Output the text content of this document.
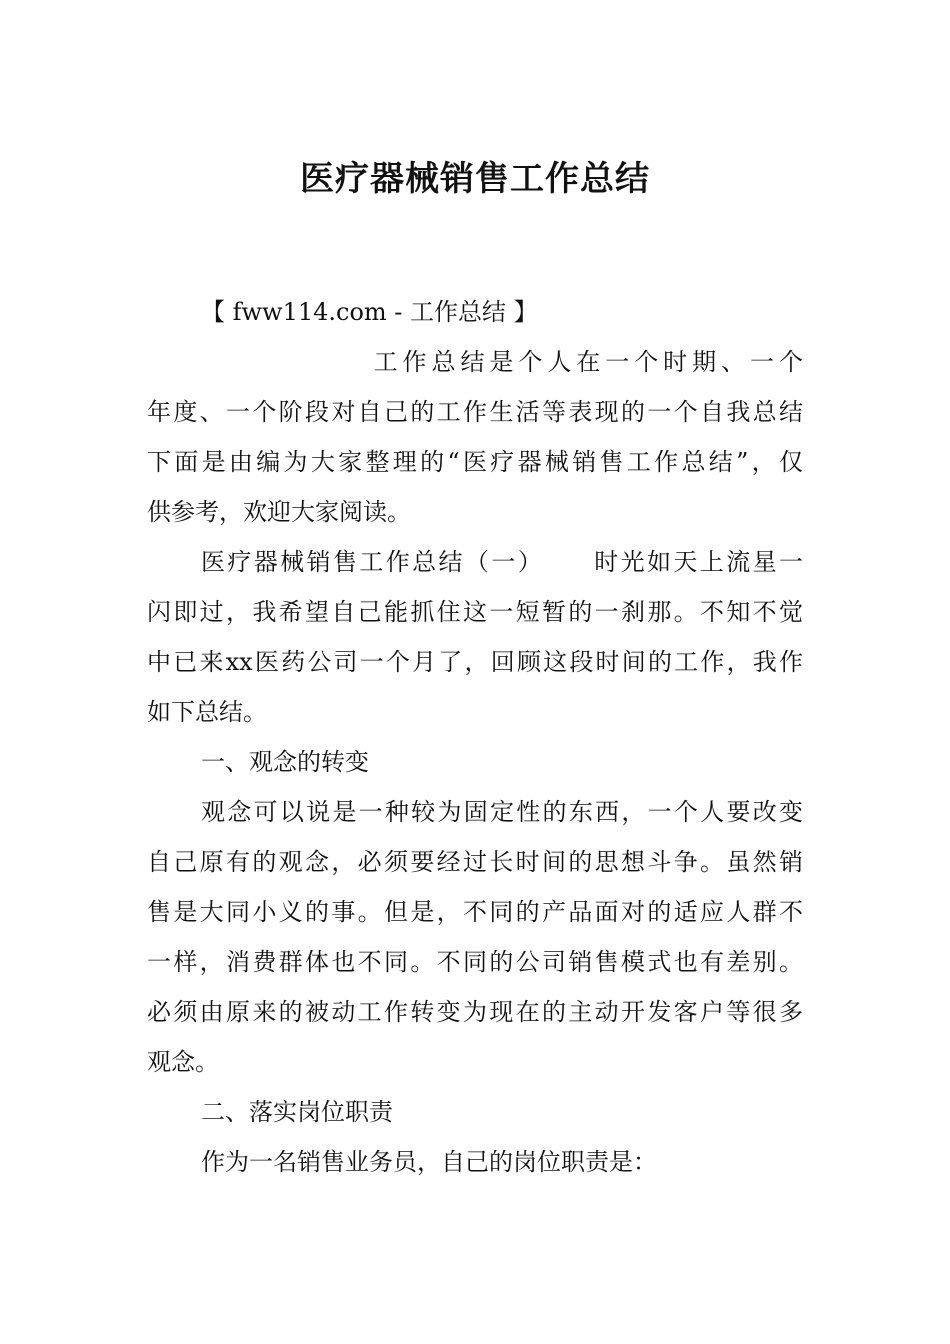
医疗器械销售工作总结
【 fww114.com - 工作总结 】
工作总结是个人在一个时期、一个
年度、一个阶段对自己的工作生活等表现的一个自我总结
下面是由编为大家整理的“医疗器械销售工作总结”，仅
供参考，欢迎大家阅读。
医疗器械销售工作总结（一）     时光如天上流星一
闪即过，我希望自己能抓住这一短暂的一刹那。不知不觉
中已来xx医药公司一个月了，回顾这段时间的工作，我作
如下总结。
一、观念的转变
观念可以说是一种较为固定性的东西，一个人要改变
自己原有的观念，必须要经过长时间的思想斗争。虽然销
售是大同小义的事。但是，不同的产品面对的适应人群不
一样，消费群体也不同。不同的公司销售模式也有差别。
必须由原来的被动工作转变为现在的主动开发客户等很多
观念。
二、落实岗位职责
作为一名销售业务员，自己的岗位职责是：
